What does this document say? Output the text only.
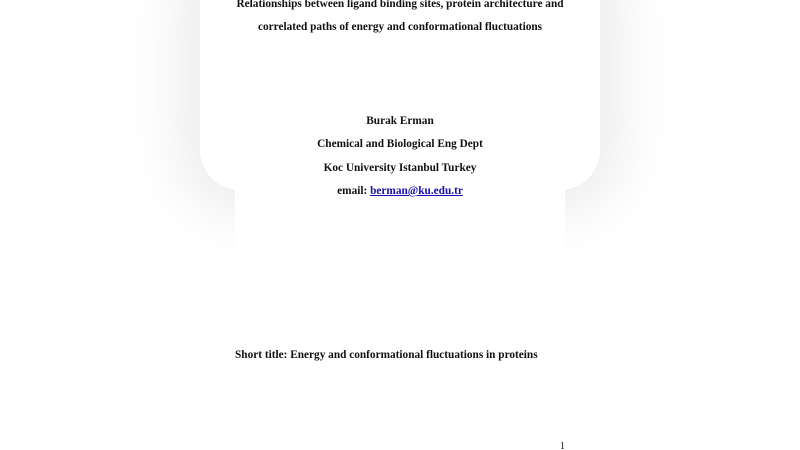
Relationships between ligand binding sites, protein architecture and
correlated paths of energy and conformational fluctuations
Burak Erman
Chemical and Biological Eng Dept
Koc University Istanbul Turkey
email: berman@ku.edu.tr
Short title: Energy and conformational fluctuations in proteins
1
